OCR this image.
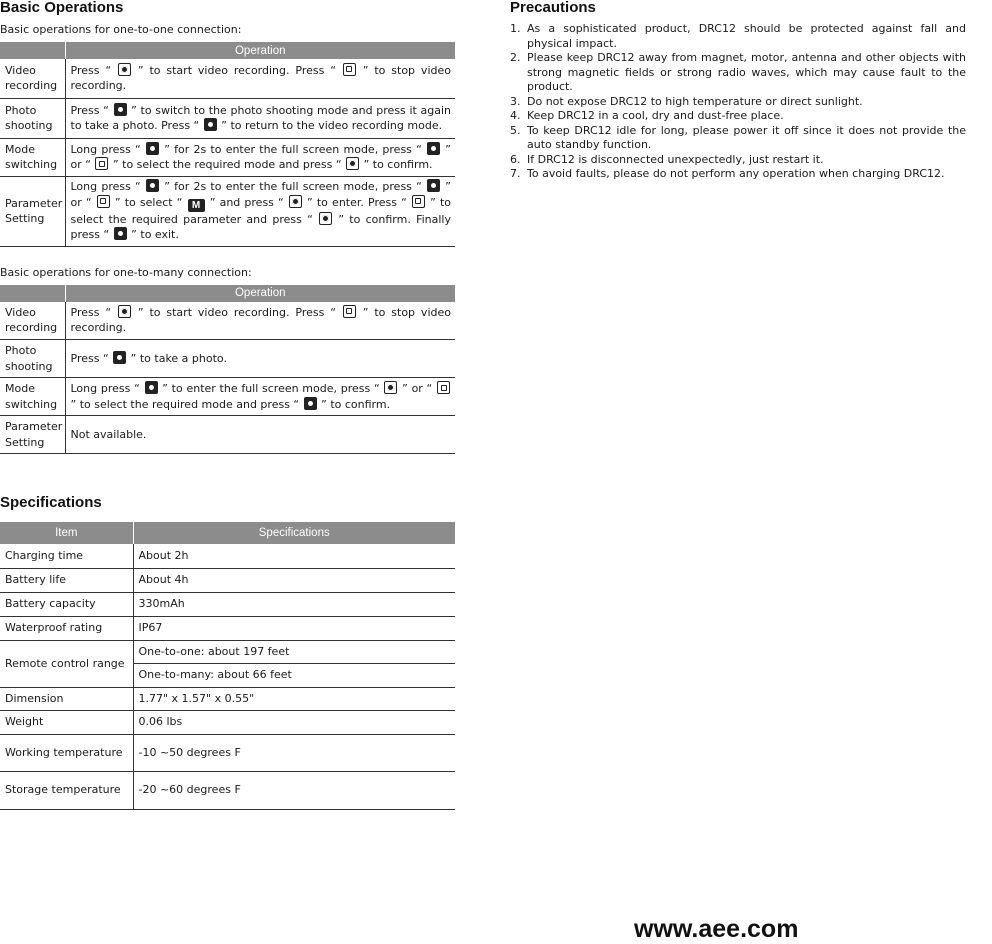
Basic Operations
Basic operations for one-to-one connection:
	Operation
Video recording	Press “  ” to start video recording. Press “  ” to stop video recording.
Photo shooting	Press “  ” to switch to the photo shooting mode and press it again to take a photo. Press “  ” to return to the video recording mode.
Mode switching	Long press “  ” for 2s to enter the full screen mode, press “  ” or “  ” to select the required mode and press “  ” to confirm.
Parameter Setting	Long press “  ” for 2s to enter the full screen mode, press “  ” or “  ” to select “ M ” and press “  ” to enter. Press “  ” to select the required parameter and press “  ” to confirm. Finally press “  ” to exit.
Basic operations for one-to-many connection:
	Operation
Video recording	Press “  ” to start video recording. Press “  ” to stop video recording.
Photo shooting	Press “  ” to take a photo.
Mode switching	Long press “  ” to enter the full screen mode, press “  ” or “  ” to select the required mode and press “  ” to confirm.
Parameter Setting	Not available.
Specifications
Item	Specifications
Charging time	About 2h
Battery life	About 4h
Battery capacity	330mAh
Waterproof rating	IP67
Remote control range	One-to-one: about 197 feet
	One-to-many: about 66 feet
Dimension	1.77" x 1.57" x 0.55"
Weight	0.06 lbs
Working temperature	-10 ~50 degrees F
Storage temperature	-20 ~60 degrees F
Precautions
1. As a sophisticated product, DRC12 should be protected against fall and physical impact.
2. Please keep DRC12 away from magnet, motor, antenna and other objects with strong magnetic fields or strong radio waves, which may cause fault to the product.
3. Do not expose DRC12 to high temperature or direct sunlight.
4. Keep DRC12 in a cool, dry and dust-free place.
5. To keep DRC12 idle for long, please power it off since it does not provide the auto standby function.
6. If DRC12 is disconnected unexpectedly, just restart it.
7. To avoid faults, please do not perform any operation when charging DRC12.
www.aee.com
